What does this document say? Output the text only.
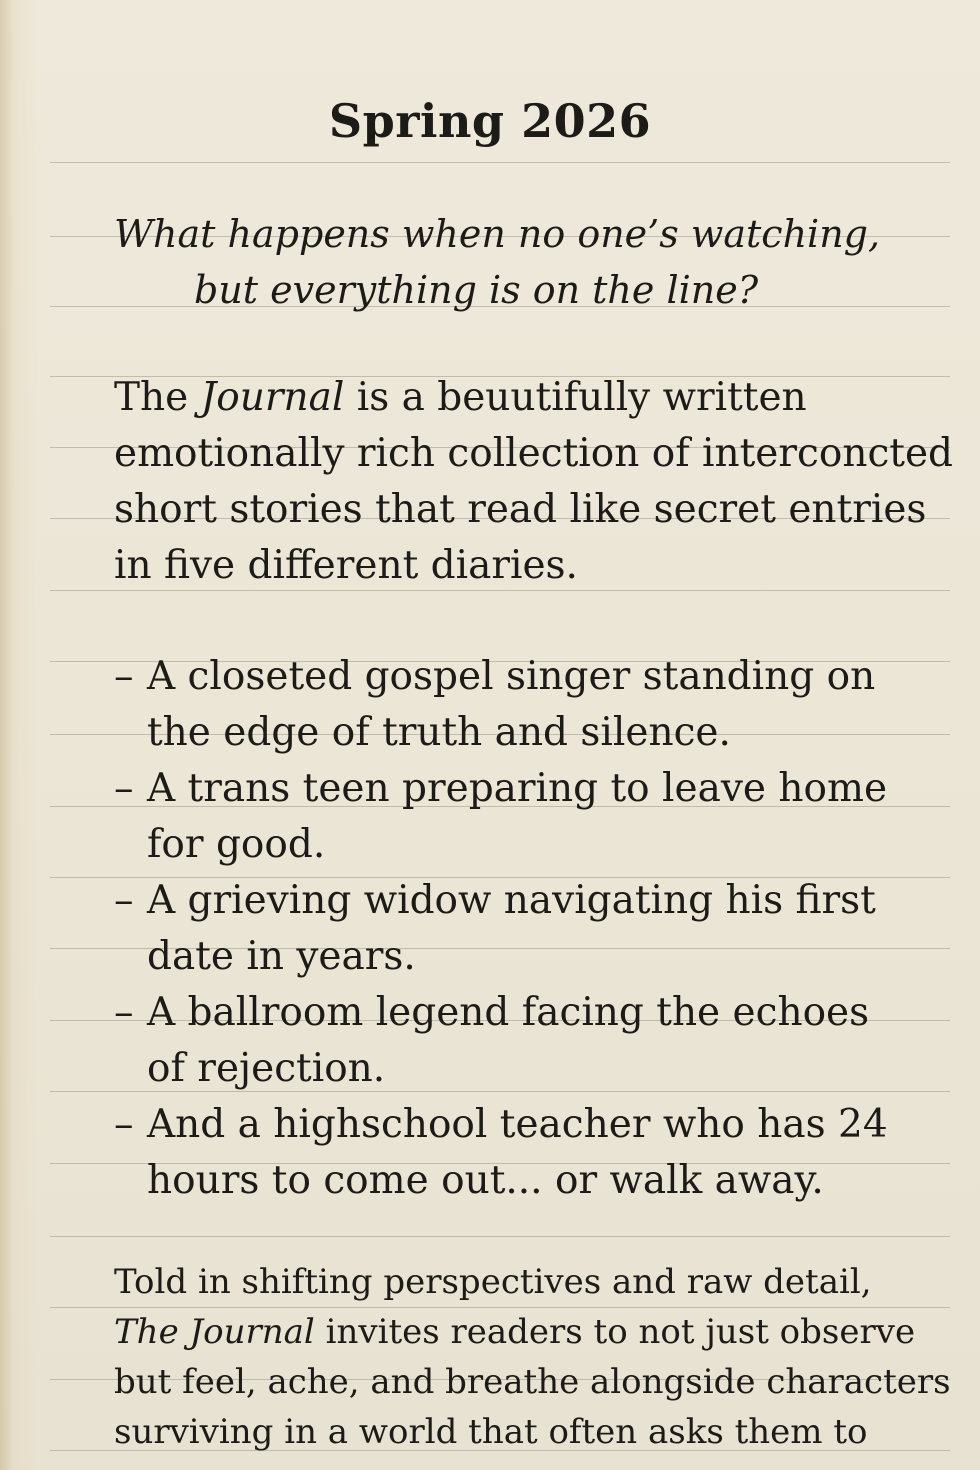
Spring 2026
What happens when no one’s watching,
but everything is on the line?
The Journal is a beuutifully written
emotionally rich collection of interconcted
short stories that read like secret entries
in five different diaries.
– A closeted gospel singer standing on
the edge of truth and silence.
– A trans teen preparing to leave home
for good.
– A grieving widow navigating his first
date in years.
– A ballroom legend facing the echoes
of rejection.
– And a highschool teacher who has 24
hours to come out... or walk away.
Told in shifting perspectives and raw detail,
The Journal invites readers to not just observe
but feel, ache, and breathe alongside characters
surviving in a world that often asks them to
